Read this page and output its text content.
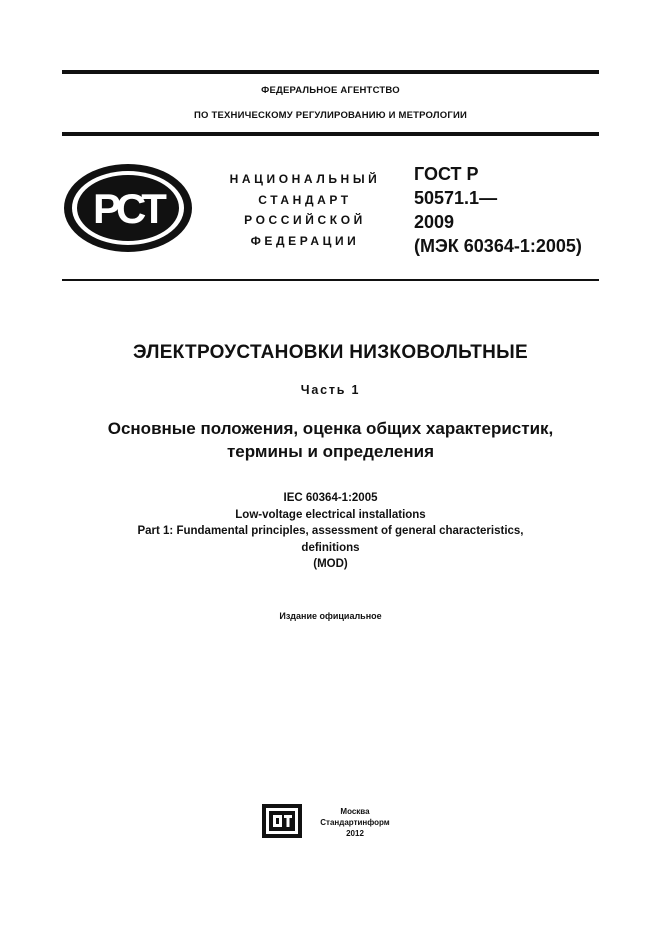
ФЕДЕРАЛЬНОЕ АГЕНТСТВО
ПО ТЕХНИЧЕСКОМУ РЕГУЛИРОВАНИЮ И МЕТРОЛОГИИ
РСТ
НАЦИОНАЛЬНЫЙ
СТАНДАРТ
РОССИЙСКОЙ
ФЕДЕРАЦИИ
ГОСТ Р
50571.1—
2009
(МЭК 60364-1:2005)
ЭЛЕКТРОУСТАНОВКИ НИЗКОВОЛЬТНЫЕ
Часть 1
Основные положения, оценка общих характеристик,
термины и определения
IEC 60364-1:2005
Low-voltage electrical installations
Part 1: Fundamental principles, assessment of general characteristics,
definitions
(MOD)
Издание официальное
Москва
Стандартинформ
2012
